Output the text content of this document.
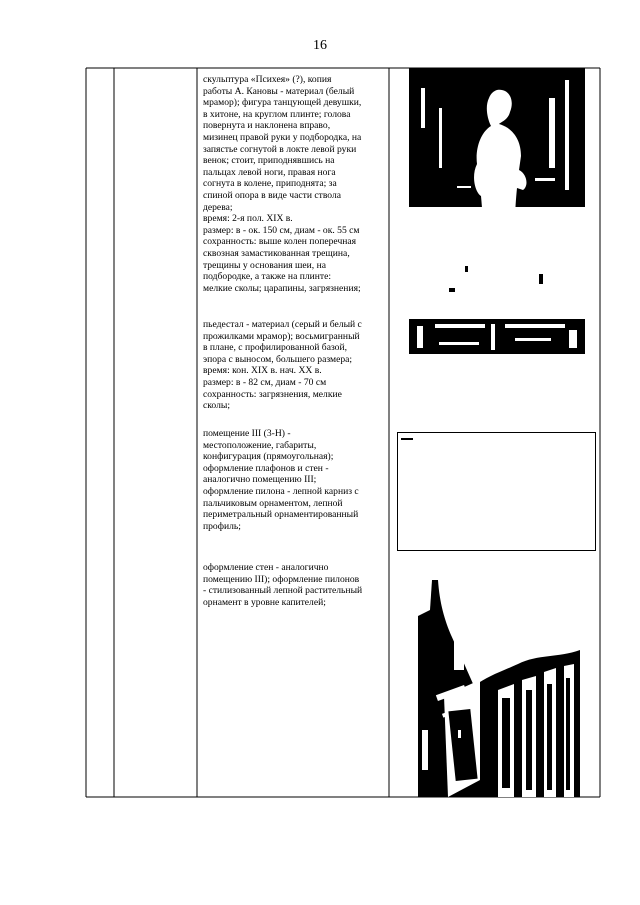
16
скульптура «Психея» (?), копия
работы А. Кановы - материал (белый
мрамор); фигура танцующей девушки,
в хитоне, на круглом плинте; голова
повернута и наклонена вправо,
мизинец правой руки у подбородка, на
запястье согнутой в локте левой руки
венок; стоит, приподнявшись на
пальцах левой ноги, правая нога
согнута в колене, приподнята; за
спиной опора в виде части ствола
дерева;
время: 2-я пол. XIX в.
размер: в - ок. 150 см, диам - ок. 55 см
сохранность: выше колен поперечная
сквозная замастикованная трещина,
трещины у основания шеи, на
подбородке, а также на плинте:
мелкие сколы; царапины, загрязнения;
пьедестал - материал (серый и белый с
прожилками мрамор); восьмигранный
в плане, с профилированной базой,
эпора с выносом, большего размера;
время: кон. XIX в. нач. XX в.
размер: в - 82 см, диам - 70 см
сохранность: загрязнения, мелкие
сколы;
помещение III (3-Н) -
местоположение, габариты,
конфигурация (прямоугольная);
оформление плафонов и стен -
аналогично помещению III;
оформление пилона - лепной карниз с
пальчиковым орнаментом, лепной
периметральный орнаментированный
профиль;
оформление стен - аналогично
помещению III); оформление пилонов
- стилизованный лепной растительный
орнамент в уровне капителей;
